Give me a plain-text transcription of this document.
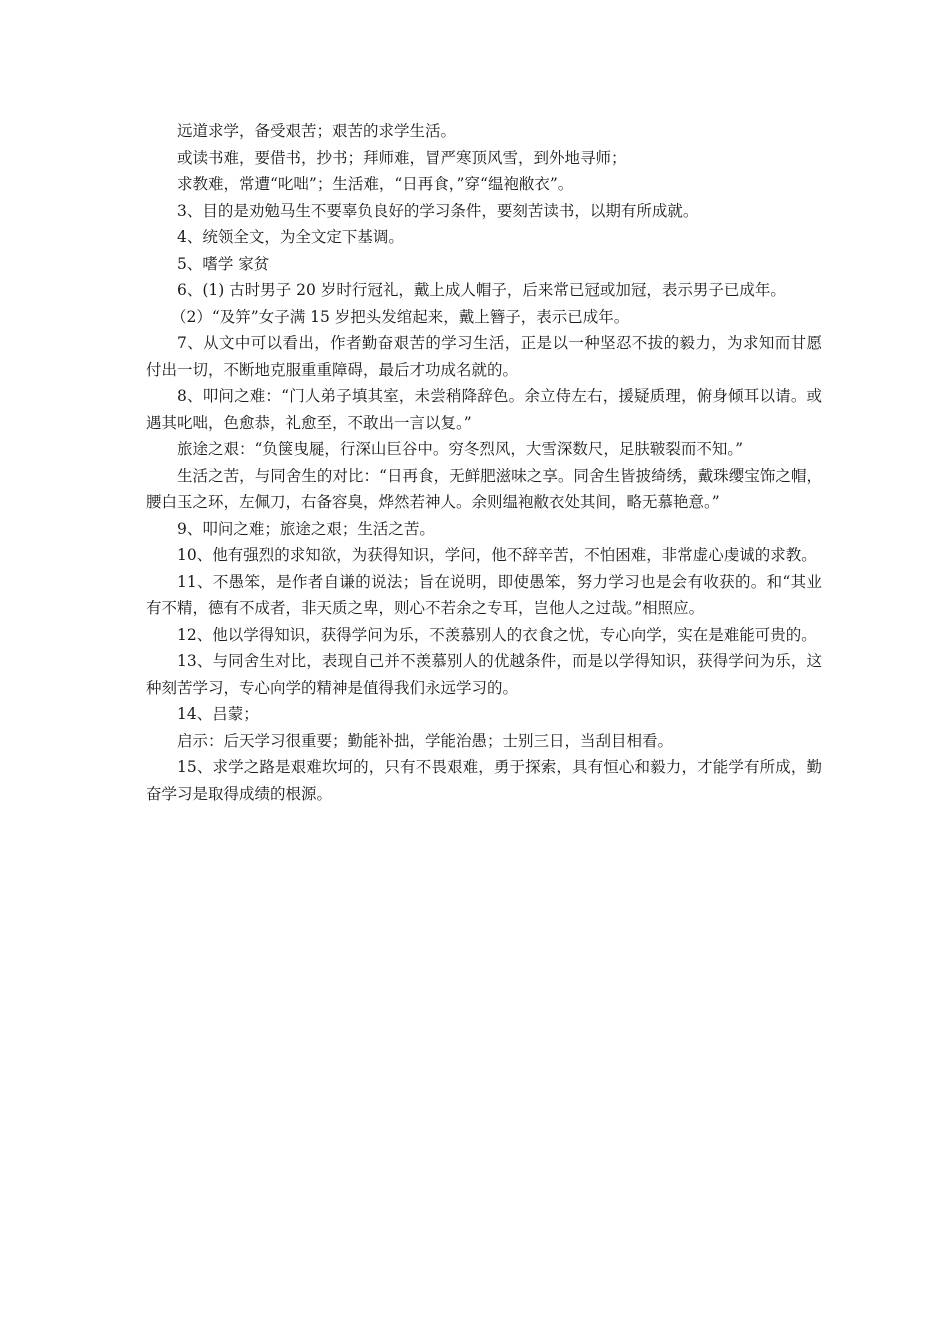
远道求学，备受艰苦；艰苦的求学生活。

或读书难，要借书，抄书；拜师难，冒严寒顶风雪，到外地寻师；

求教难，常遭“叱咄”；生活难，“日再食，”穿“缊袍敝衣”。

3、目的是劝勉马生不要辜负良好的学习条件，要刻苦读书，以期有所成就。

4、统领全文，为全文定下基调。

5、嗜学 家贫

6、(1) 古时男子 20 岁时行冠礼，戴上成人帽子，后来常已冠或加冠，表示男子已成年。

（2）“及笄”女子满 15 岁把头发绾起来，戴上簪子，表示已成年。

7、从文中可以看出，作者勤奋艰苦的学习生活，正是以一种坚忍不拔的毅力，为求知而甘愿付出一切，不断地克服重重障碍，最后才功成名就的。

8、叩问之难：“门人弟子填其室，未尝稍降辞色。余立侍左右，援疑质理，俯身倾耳以请。或遇其叱咄，色愈恭，礼愈至，不敢出一言以复。”

旅途之艰：“负箧曳屣，行深山巨谷中。穷冬烈风，大雪深数尺，足肤皲裂而不知。”

生活之苦，与同舍生的对比：“日再食，无鲜肥滋味之享。同舍生皆披绮绣，戴珠缨宝饰之帽，腰白玉之环，左佩刀，右备容臭，烨然若神人。余则缊袍敝衣处其间，略无慕艳意。”

9、叩问之难；旅途之艰；生活之苦。

10、他有强烈的求知欲，为获得知识，学问，他不辞辛苦，不怕困难，非常虚心虔诚的求教。

11、不愚笨，是作者自谦的说法；旨在说明，即使愚笨，努力学习也是会有收获的。和“其业有不精，德有不成者，非天质之卑，则心不若余之专耳，岂他人之过哉。”相照应。

12、他以学得知识，获得学问为乐，不羡慕别人的衣食之忧，专心向学，实在是难能可贵的。

13、与同舍生对比，表现自己并不羡慕别人的优越条件，而是以学得知识，获得学问为乐，这种刻苦学习，专心向学的精神是值得我们永远学习的。

14、吕蒙；

启示：后天学习很重要；勤能补拙，学能治愚；士别三日，当刮目相看。

15、求学之路是艰难坎坷的，只有不畏艰难，勇于探索，具有恒心和毅力，才能学有所成，勤奋学习是取得成绩的根源。
